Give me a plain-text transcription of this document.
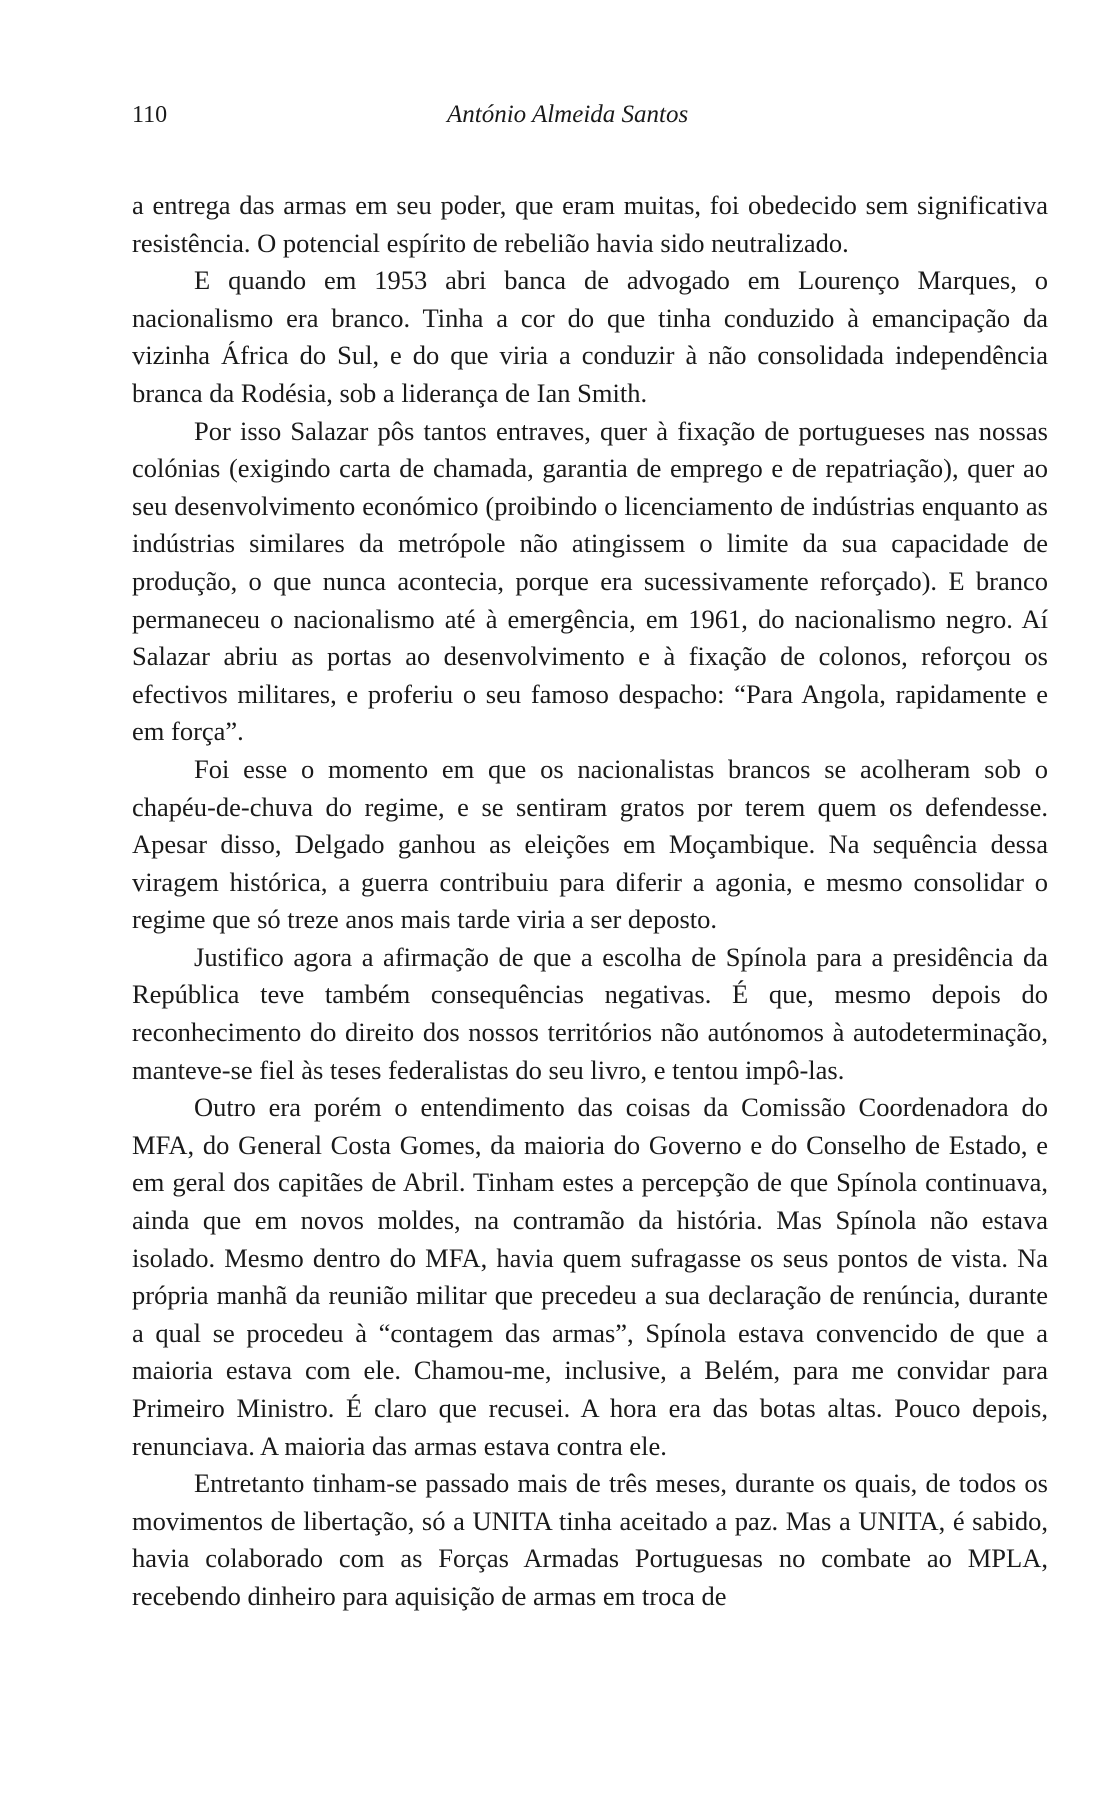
110	António Almeida Santos

a entrega das armas em seu poder, que eram muitas, foi obedecido sem significativa resistência. O potencial espírito de rebelião havia sido neutralizado.

E quando em 1953 abri banca de advogado em Lourenço Marques, o nacionalismo era branco. Tinha a cor do que tinha conduzido à emancipação da vizinha África do Sul, e do que viria a conduzir à não consolidada independência branca da Rodésia, sob a liderança de Ian Smith.

Por isso Salazar pôs tantos entraves, quer à fixação de portugueses nas nossas colónias (exigindo carta de chamada, garantia de emprego e de repatriação), quer ao seu desenvolvimento económico (proibindo o licenciamento de indústrias enquanto as indústrias similares da metrópole não atingissem o limite da sua capacidade de produção, o que nunca acontecia, porque era sucessivamente reforçado). E branco permaneceu o nacionalismo até à emergência, em 1961, do nacionalismo negro. Aí Salazar abriu as portas ao desenvolvimento e à fixação de colonos, reforçou os efectivos militares, e proferiu o seu famoso despacho: “Para Angola, rapidamente e em força”.

Foi esse o momento em que os nacionalistas brancos se acolheram sob o chapéu-de-chuva do regime, e se sentiram gratos por terem quem os defendesse. Apesar disso, Delgado ganhou as eleições em Moçambique. Na sequência dessa viragem histórica, a guerra contribuiu para diferir a agonia, e mesmo consolidar o regime que só treze anos mais tarde viria a ser deposto.

Justifico agora a afirmação de que a escolha de Spínola para a presidência da República teve também consequências negativas. É que, mesmo depois do reconhecimento do direito dos nossos territórios não autónomos à autodeterminação, manteve-se fiel às teses federalistas do seu livro, e tentou impô-las.

Outro era porém o entendimento das coisas da Comissão Coordenadora do MFA, do General Costa Gomes, da maioria do Governo e do Conselho de Estado, e em geral dos capitães de Abril. Tinham estes a percepção de que Spínola continuava, ainda que em novos moldes, na contramão da história. Mas Spínola não estava isolado. Mesmo dentro do MFA, havia quem sufragasse os seus pontos de vista. Na própria manhã da reunião militar que precedeu a sua declaração de renúncia, durante a qual se procedeu à “contagem das armas”, Spínola estava convencido de que a maioria estava com ele. Chamou-me, inclusive, a Belém, para me convidar para Primeiro Ministro. É claro que recusei. A hora era das botas altas. Pouco depois, renunciava. A maioria das armas estava contra ele.

Entretanto tinham-se passado mais de três meses, durante os quais, de todos os movimentos de libertação, só a UNITA tinha aceitado a paz. Mas a UNITA, é sabido, havia colaborado com as Forças Armadas Portuguesas no combate ao MPLA, recebendo dinheiro para aquisição de armas em troca de
